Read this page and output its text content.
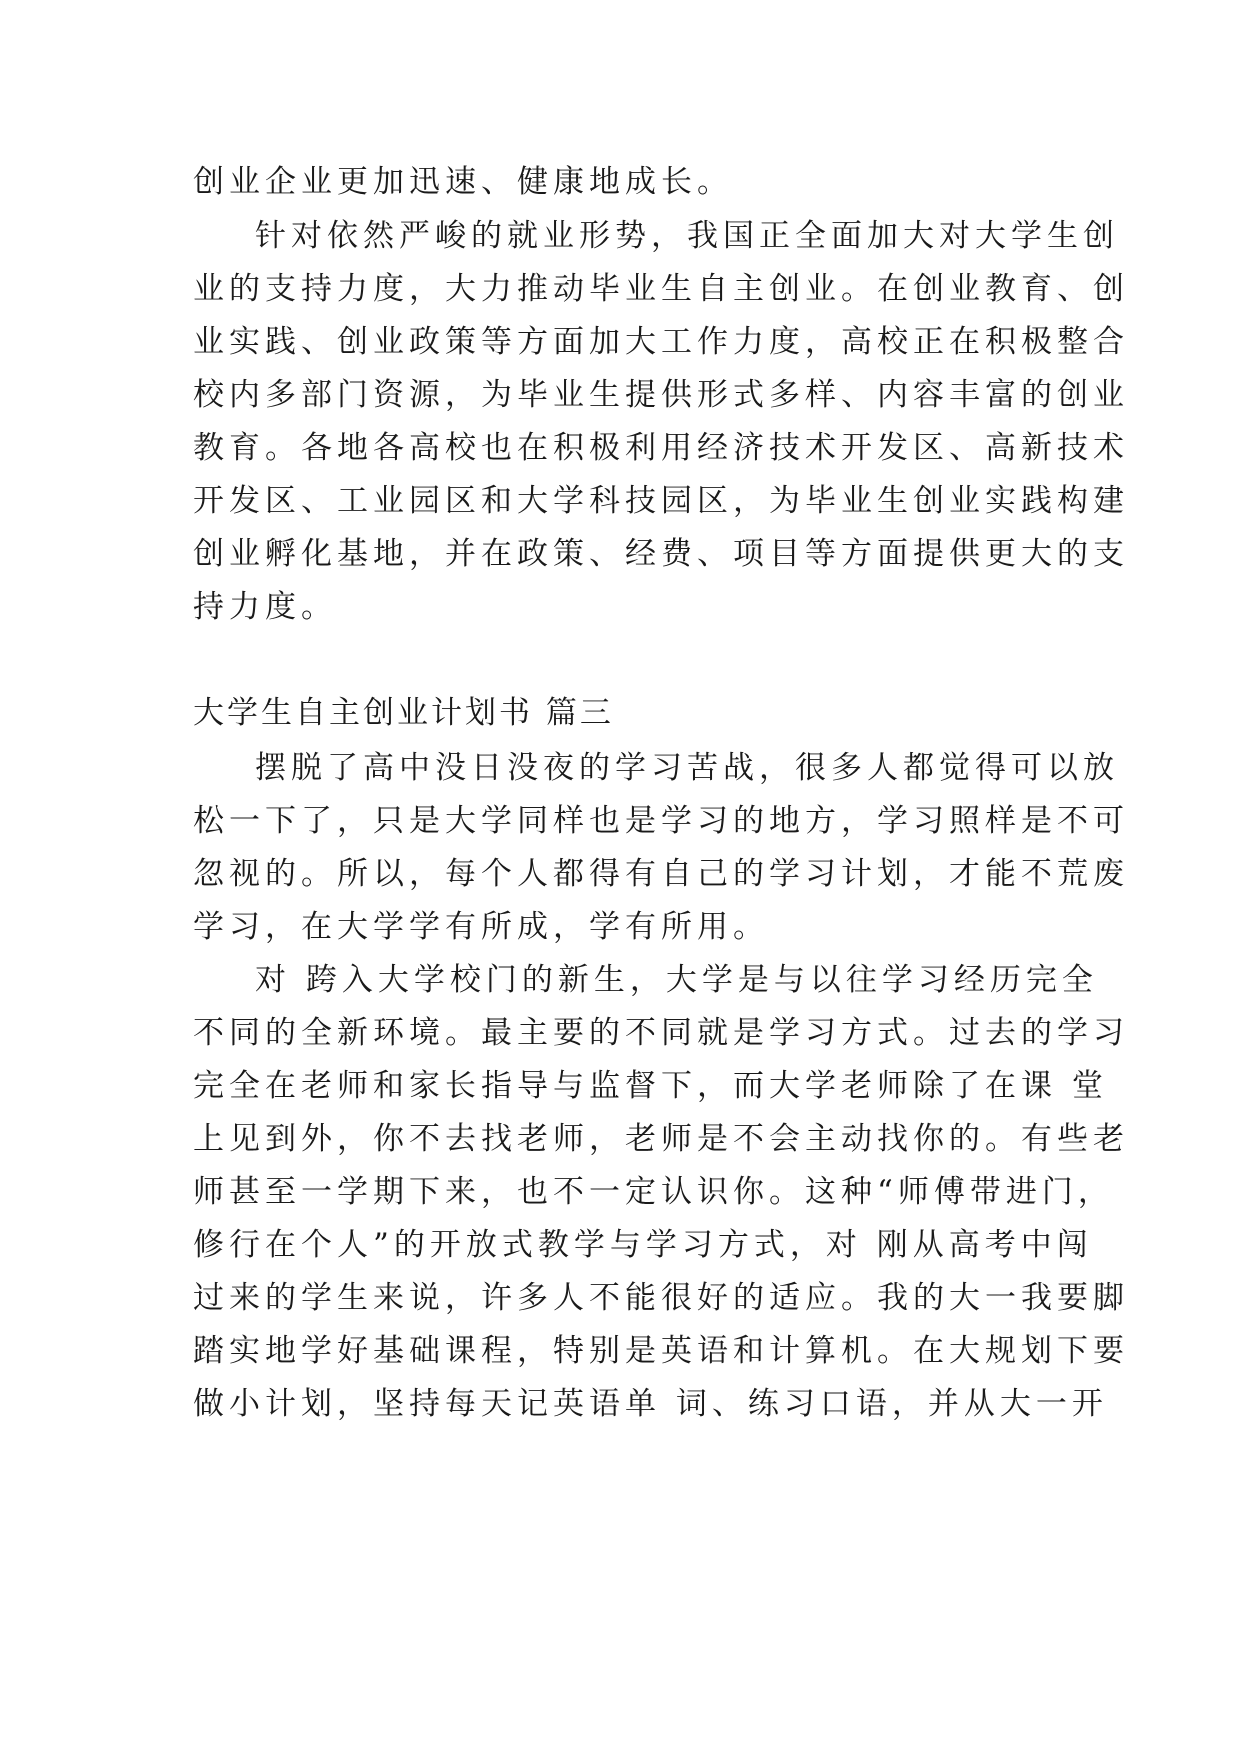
创业企业更加迅速、健康地成长。
针对依然严峻的就业形势，我国正全面加大对大学生创
业的支持力度，大力推动毕业生自主创业。在创业教育、创
业实践、创业政策等方面加大工作力度，高校正在积极整合
校内多部门资源，为毕业生提供形式多样、内容丰富的创业
教育。各地各高校也在积极利用经济技术开发区、高新技术
开发区、工业园区和大学科技园区，为毕业生创业实践构建
创业孵化基地，并在政策、经费、项目等方面提供更大的支
持力度。
大学生自主创业计划书 篇三
摆脱了高中没日没夜的学习苦战，很多人都觉得可以放
松一下了，只是大学同样也是学习的地方，学习照样是不可
忽视的。所以，每个人都得有自己的学习计划，才能不荒废
学习，在大学学有所成，学有所用。
对 跨入大学校门的新生，大学是与以往学习经历完全
不同的全新环境。最主要的不同就是学习方式。过去的学习
完全在老师和家长指导与监督下，而大学老师除了在课 堂
上见到外，你不去找老师，老师是不会主动找你的。有些老
师甚至一学期下来，也不一定认识你。这种“师傅带进门，
修行在个人”的开放式教学与学习方式，对 刚从高考中闯
过来的学生来说，许多人不能很好的适应。我的大一我要脚
踏实地学好基础课程，特别是英语和计算机。在大规划下要
做小计划，坚持每天记英语单 词、练习口语，并从大一开
